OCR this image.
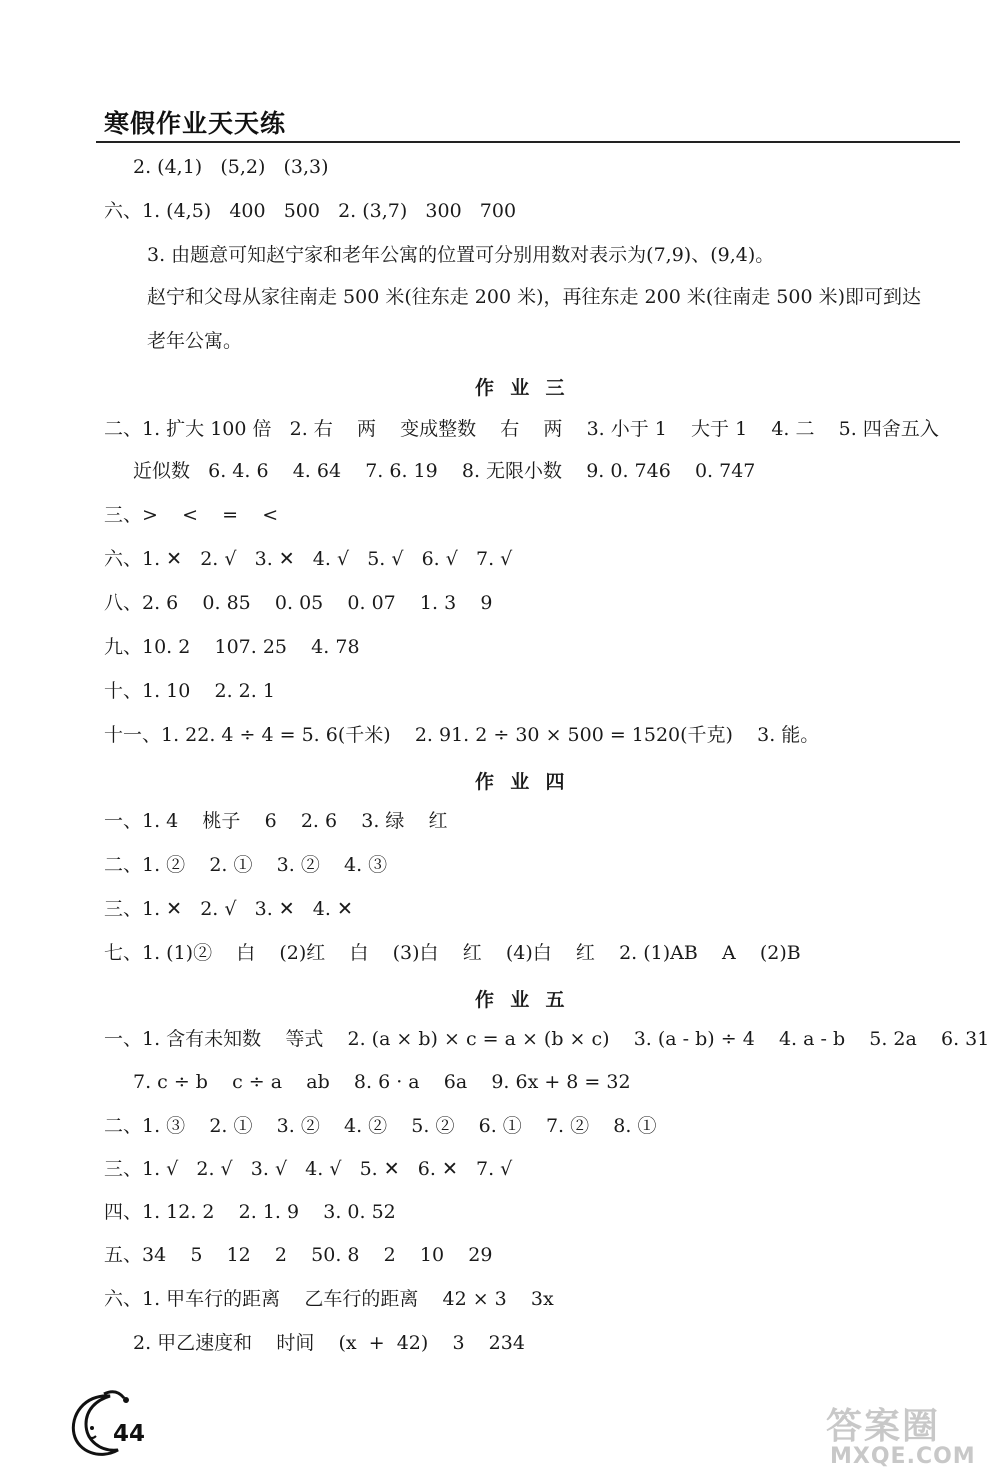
寒假作业天天练
2. (4,1)   (5,2)   (3,3)
六、1. (4,5)   400   500   2. (3,7)   300   700
3. 由题意可知赵宁家和老年公寓的位置可分别用数对表示为(7,9)、(9,4)。
赵宁和父母从家往南走 500 米(往东走 200 米)，再往东走 200 米(往南走 500 米)即可到达
老年公寓。
作  业  三
二、1. 扩大 100 倍   2. 右    两    变成整数    右    两    3. 小于 1    大于 1    4. 二    5. 四舍五入
近似数   6. 4. 6    4. 64    7. 6. 19    8. 无限小数    9. 0. 746    0. 747
三、>    <    =    <
六、1. ✕   2. √   3. ✕   4. √   5. √   6. √   7. √
八、2. 6    0. 85    0. 05    0. 07    1. 3    9
九、10. 2    107. 25    4. 78
十、1. 10    2. 2. 1
十一、1. 22. 4 ÷ 4 = 5. 6(千米)    2. 91. 2 ÷ 30 × 500 = 1520(千克)    3. 能。
作  业  四
一、1. 4    桃子    6    2. 6    3. 绿    红
二、1. ②    2. ①    3. ②    4. ③
三、1. ✕   2. √   3. ✕   4. ✕
七、1. (1)②    白    (2)红    白    (3)白    红    (4)白    红    2. (1)AB    A    (2)B
作  业  五
一、1. 含有未知数    等式    2. (a × b) × c = a × (b × c)    3. (a - b) ÷ 4    4. a - b    5. 2a    6. 31
7. c ÷ b    c ÷ a    ab    8. 6 · a    6a    9. 6x + 8 = 32
二、1. ③    2. ①    3. ②    4. ②    5. ②    6. ①    7. ②    8. ①
三、1. √   2. √   3. √   4. √   5. ✕   6. ✕   7. √
四、1. 12. 2    2. 1. 9    3. 0. 52
五、34    5    12    2    50. 8    2    10    29
六、1. 甲车行的距离    乙车行的距离    42 × 3    3x
2. 甲乙速度和    时间    (x  +  42)    3    234
44	答案圈
MXQE.COM
